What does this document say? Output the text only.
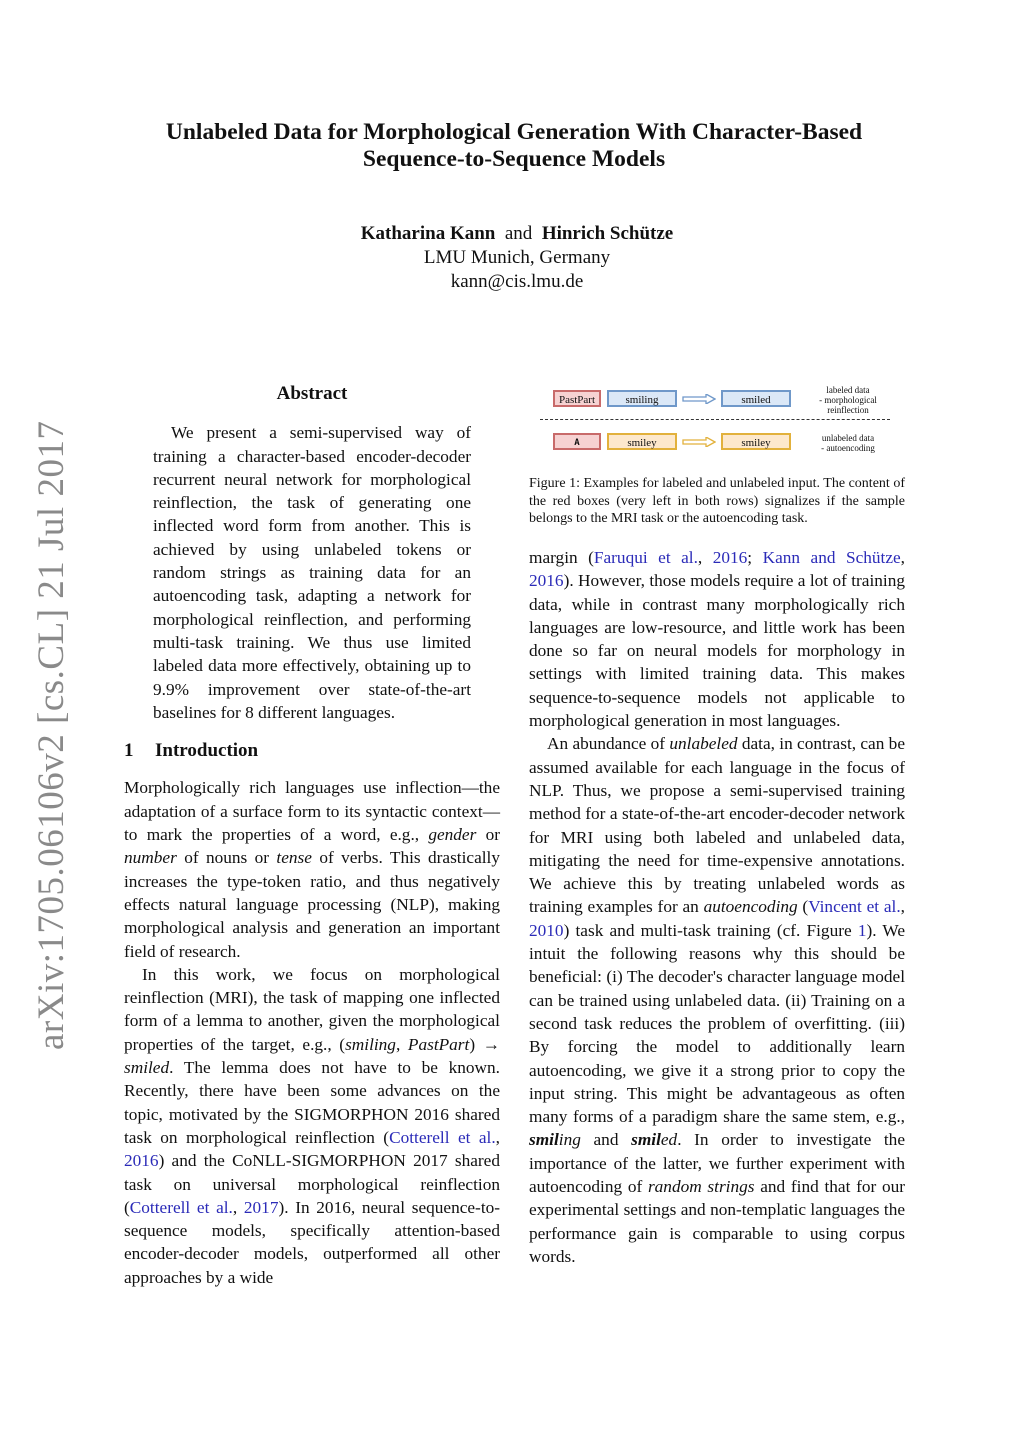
arXiv:1705.06106v2 [cs.CL] 21 Jul 2017
Unlabeled Data for Morphological Generation With Character-Based
Sequence-to-Sequence Models
Katharina Kann and Hinrich Schütze
LMU Munich, Germany
kann@cis.lmu.de
Abstract

We present a semi-supervised way of training a character-based encoder-decoder recurrent neural network for morphological reinflection, the task of generating one inflected word form from another. This is achieved by using unlabeled tokens or random strings as training data for an autoencoding task, adapting a network for morphological reinflection, and performing multi-task training. We thus use limited labeled data more effectively, obtaining up to 9.9% improvement over state-of-the-art baselines for 8 different languages.

1 Introduction

Morphologically rich languages use inflection—the adaptation of a surface form to its syntactic context—to mark the properties of a word, e.g., gender or number of nouns or tense of verbs. This drastically increases the type-token ratio, and thus negatively effects natural language processing (NLP), making morphological analysis and generation an important field of research.

In this work, we focus on morphological reinflection (MRI), the task of mapping one inflected form of a lemma to another, given the morphological properties of the target, e.g., (smiling, PastPart) → smiled. The lemma does not have to be known. Recently, there have been some advances on the topic, motivated by the SIGMORPHON 2016 shared task on morphological reinflection (Cotterell et al., 2016) and the CoNLL-SIGMORPHON 2017 shared task on universal morphological reinflection (Cotterell et al., 2017). In 2016, neural sequence-to-sequence models, specifically attention-based encoder-decoder models, outperformed all other approaches by a wide

PastPart	smiling	smiled
labeled data
- morphological
reinflection
A	smiley	smiley	unlabeled data
- autoencoding
Figure 1: Examples for labeled and unlabeled input. The content of the red boxes (very left in both rows) signalizes if the sample belongs to the MRI task or the autoencoding task.

margin (Faruqui et al., 2016; Kann and Schütze, 2016). However, those models require a lot of training data, while in contrast many morphologically rich languages are low-resource, and little work has been done so far on neural models for morphology in settings with limited training data. This makes sequence-to-sequence models not applicable to morphological generation in most languages.

An abundance of unlabeled data, in contrast, can be assumed available for each language in the focus of NLP. Thus, we propose a semi-supervised training method for a state-of-the-art encoder-decoder network for MRI using both labeled and unlabeled data, mitigating the need for time-expensive annotations. We achieve this by treating unlabeled words as training examples for an autoencoding (Vincent et al., 2010) task and multi-task training (cf. Figure 1). We intuit the following reasons why this should be beneficial: (i) The decoder's character language model can be trained using unlabeled data. (ii) Training on a second task reduces the problem of overfitting. (iii) By forcing the model to additionally learn autoencoding, we give it a strong prior to copy the input string. This might be advantageous as often many forms of a paradigm share the same stem, e.g., smiling and smiled. In order to investigate the importance of the latter, we further experiment with autoencoding of random strings and find that for our experimental settings and non-templatic languages the performance gain is comparable to using corpus words.
